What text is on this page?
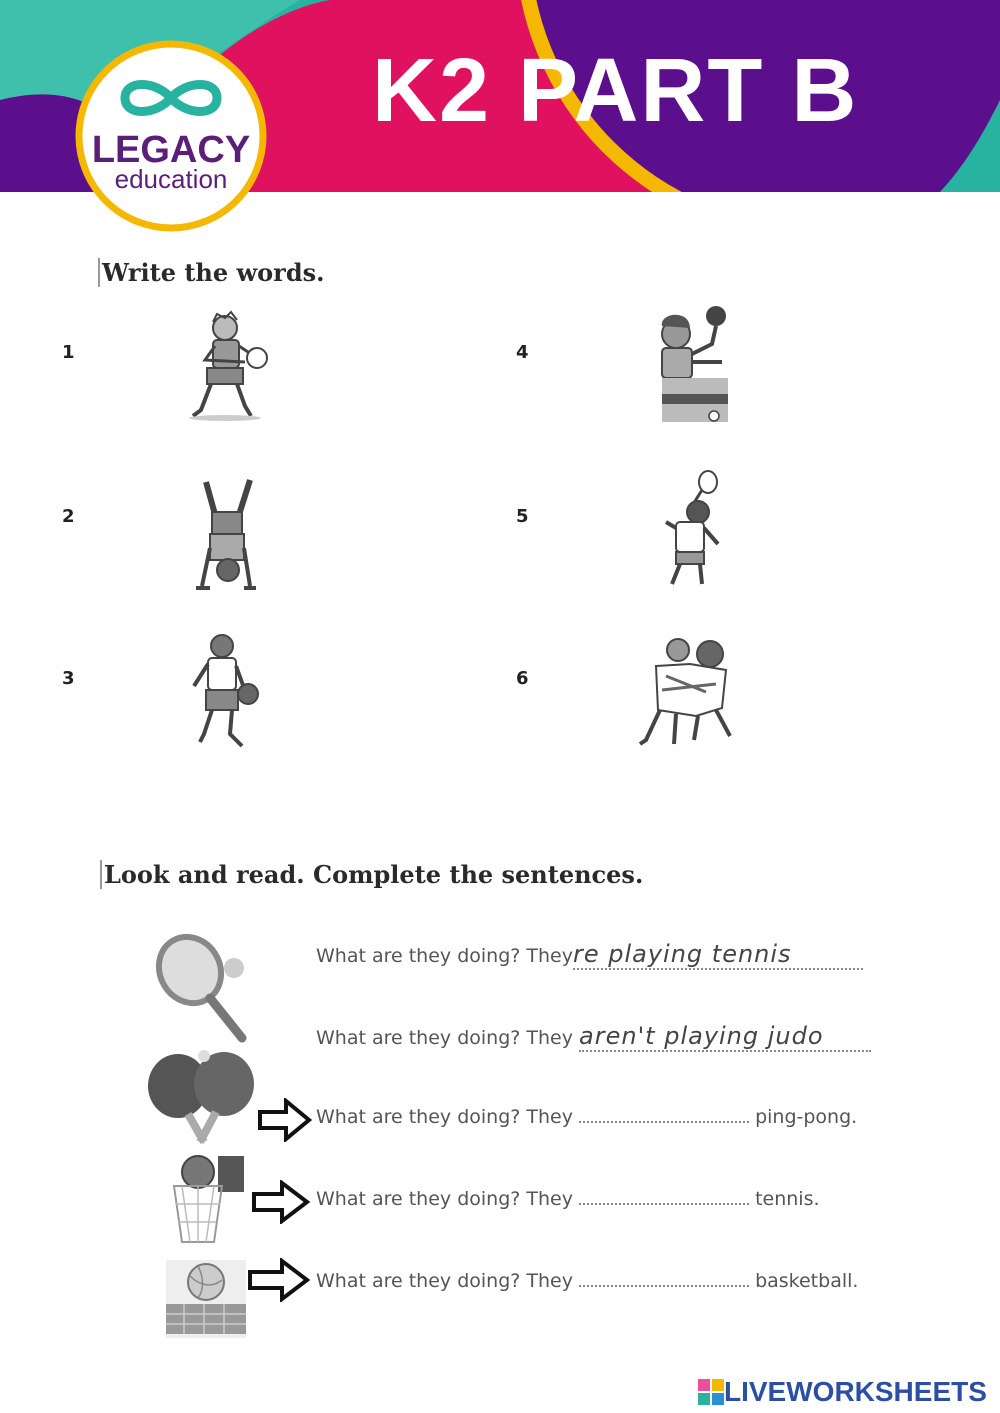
LEGACY
education
K2 PART B
Write the words.
1
2
3
4
5
6
Look and read. Complete the sentences.
What are they doing? Theyre playing tennis
What are they doing? They aren't playing judo
What are they doing? They	ping-pong.
What are they doing? They	tennis.
What are they doing? They	basketball.
LIVEWORKSHEETS
